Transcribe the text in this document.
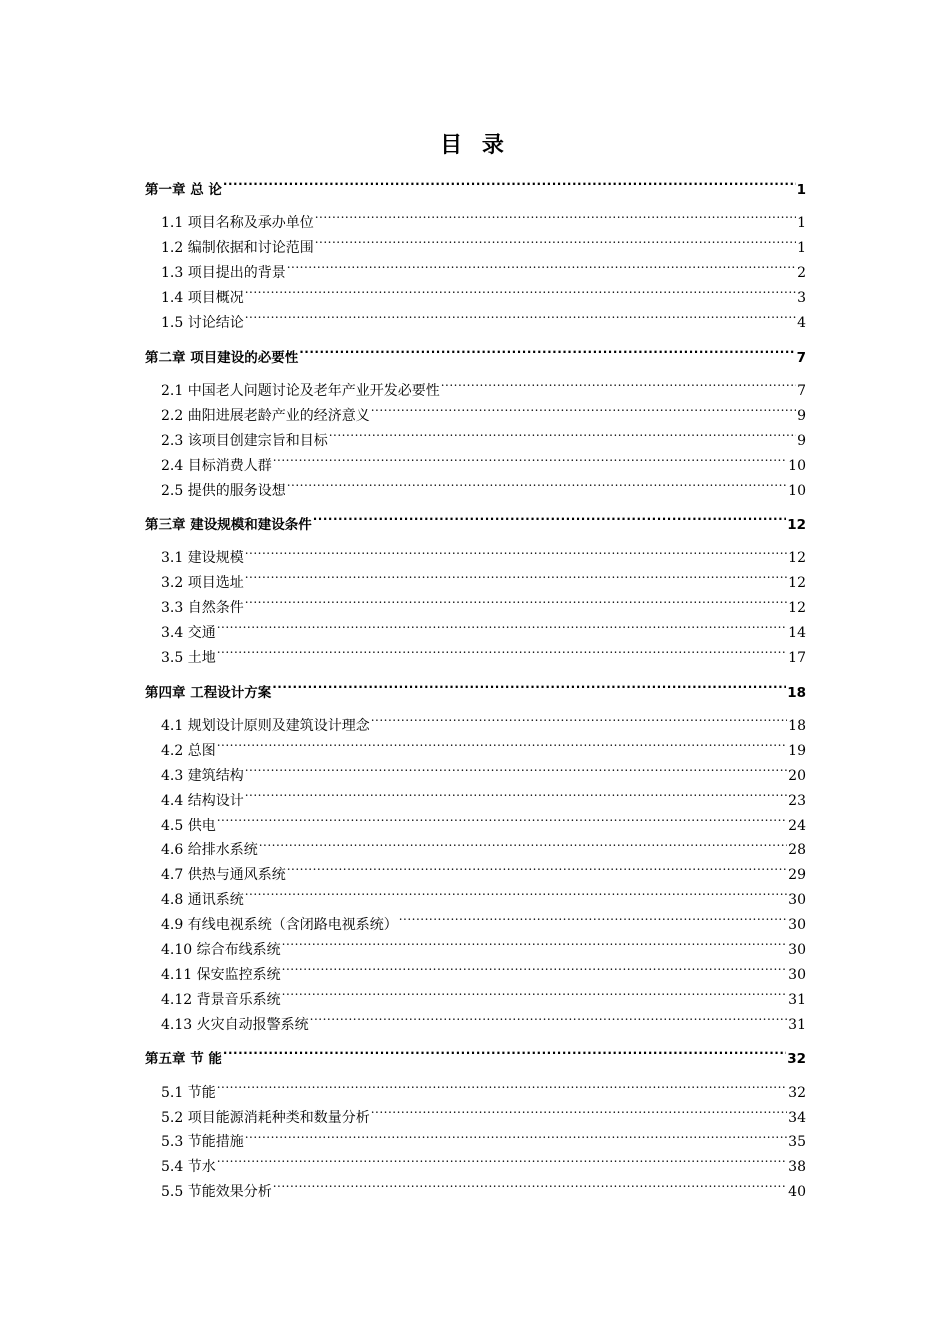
目 录
第一章 总 论 .....	1
1.1 项目名称及承办单位 .....	1
1.2 编制依据和讨论范围 .....	1
1.3 项目提出的背景 .....	2
1.4 项目概况 .....	3
1.5 讨论结论 .....	4
第二章 项目建设的必要性 .....	7
2.1 中国老人问题讨论及老年产业开发必要性 .....	7
2.2 曲阳进展老龄产业的经济意义 .....	9
2.3 该项目创建宗旨和目标 .....	9
2.4 目标消费人群 .....	10
2.5 提供的服务设想 .....	10
第三章 建设规模和建设条件 .....	12
3.1 建设规模 .....	12
3.2 项目选址 .....	12
3.3 自然条件 .....	12
3.4 交通 .....	14
3.5 土地 .....	17
第四章 工程设计方案 .....	18
4.1 规划设计原则及建筑设计理念 .....	18
4.2 总图 .....	19
4.3 建筑结构 .....	20
4.4 结构设计 .....	23
4.5 供电 .....	24
4.6 给排水系统 .....	28
4.7 供热与通风系统 .....	29
4.8 通讯系统 .....	30
4.9 有线电视系统（含闭路电视系统） .....	30
4.10 综合布线系统 .....	30
4.11 保安监控系统 .....	30
4.12 背景音乐系统 .....	31
4.13 火灾自动报警系统 .....	31
第五章 节 能 .....	32
5.1 节能 .....	32
5.2 项目能源消耗种类和数量分析 .....	34
5.3 节能措施 .....	35
5.4 节水 .....	38
5.5 节能效果分析 .....	40
